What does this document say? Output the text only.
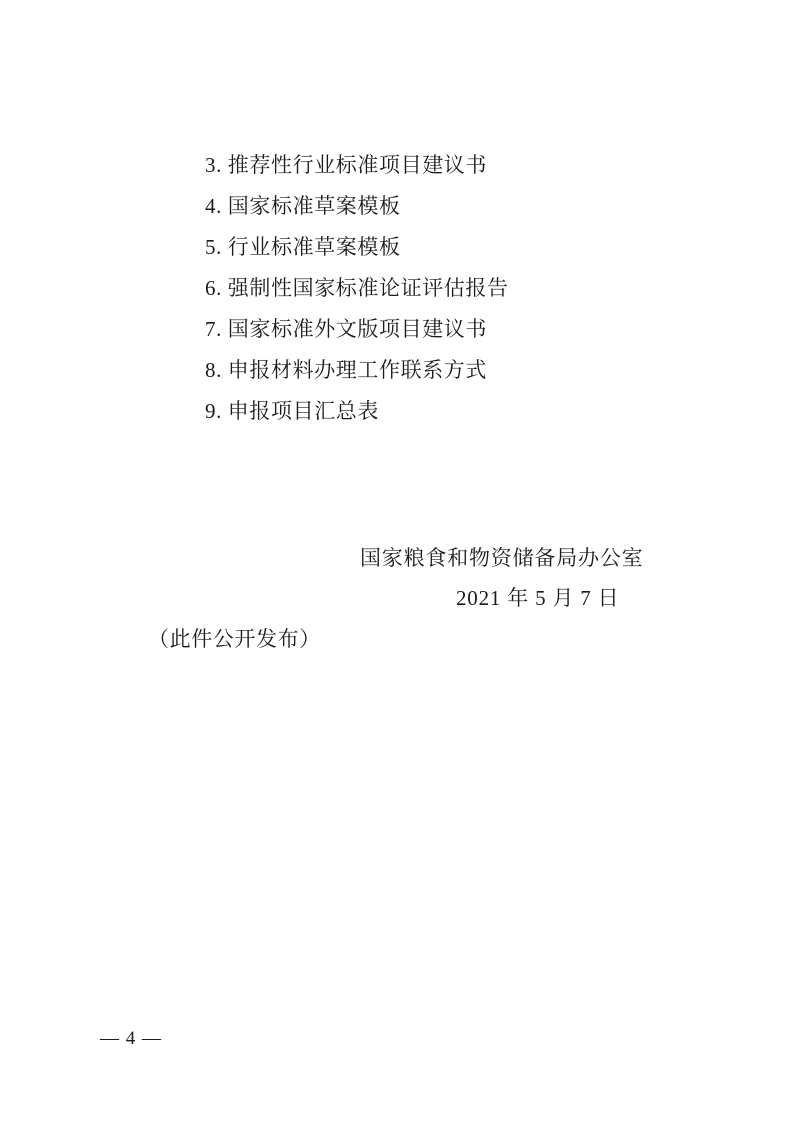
3. 推荐性行业标准项目建议书
4. 国家标准草案模板
5. 行业标准草案模板
6. 强制性国家标准论证评估报告
7. 国家标准外文版项目建议书
8. 申报材料办理工作联系方式
9. 申报项目汇总表
国家粮食和物资储备局办公室
2021 年 5 月 7 日
（此件公开发布）
— 4 —
